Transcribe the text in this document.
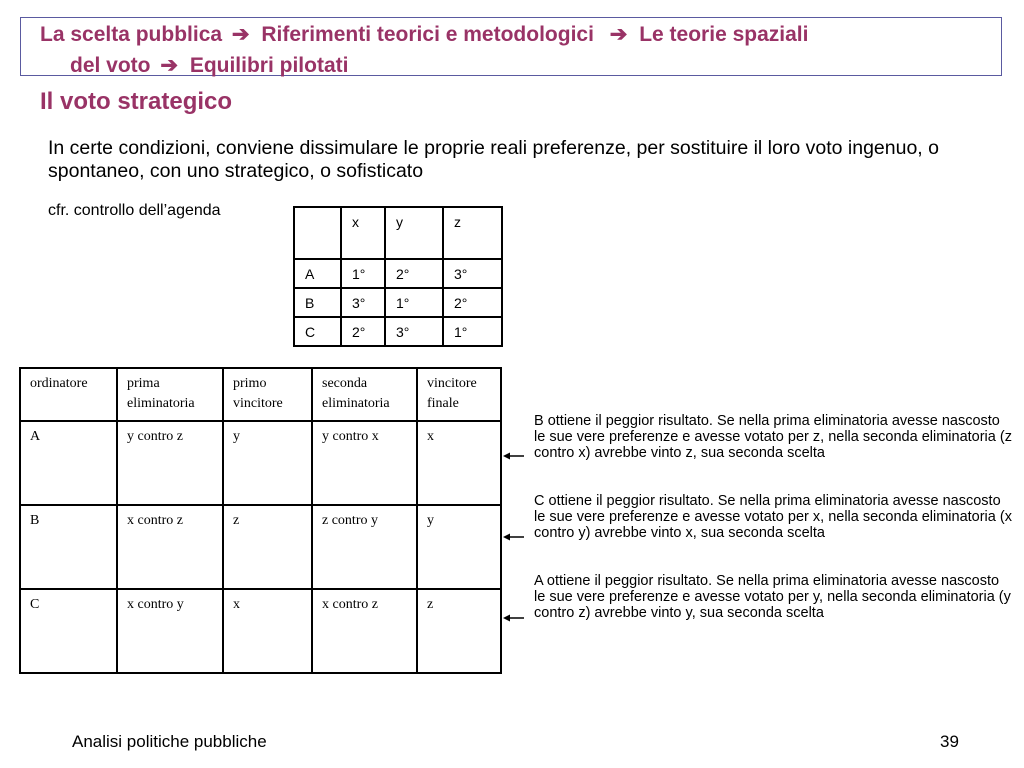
La scelta pubblica ➔ Riferimenti teorici e metodologici ➔ Le teorie spaziali
del voto ➔ Equilibri pilotati
Il voto strategico
In certe condizioni, conviene dissimulare le proprie reali preferenze, per sostituire il loro voto ingenuo, o spontaneo, con uno strategico, o sofisticato
cfr. controllo dell’agenda
	x	y	z
A	1°	2°	3°
B	3°	1°	2°
C	2°	3°	1°
ordinatore	prima eliminatoria	primo vincitore	seconda eliminatoria	vincitore finale
A	y contro z	y	y contro x	x
B	x contro z	z	z contro y	y
C	x contro y	x	x contro z	z
B ottiene il peggior risultato. Se nella prima eliminatoria avesse nascosto le sue vere preferenze e avesse votato per z, nella seconda eliminatoria (z contro x) avrebbe vinto z, sua seconda scelta
C ottiene il peggior risultato. Se nella prima eliminatoria avesse nascosto le sue vere preferenze e avesse votato per x, nella seconda eliminatoria (x contro y) avrebbe vinto x, sua seconda scelta
A ottiene il peggior risultato. Se nella prima eliminatoria avesse nascosto le sue vere preferenze e avesse votato per y, nella seconda eliminatoria (y contro z) avrebbe vinto y, sua seconda scelta
Analisi politiche pubbliche	39
